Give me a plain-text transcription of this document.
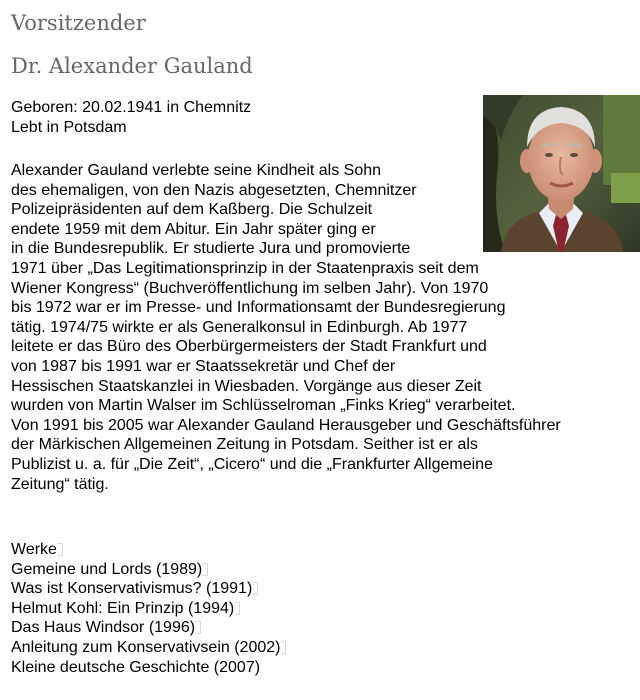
Vorsitzender
Dr. Alexander Gauland
Geboren: 20.02.1941 in Chemnitz
Lebt in Potsdam
Alexander Gauland verlebte seine Kindheit als Sohn
des ehemaligen, von den Nazis abgesetzten, Chemnitzer
Polizeipräsidenten auf dem Kaßberg. Die Schulzeit
endete 1959 mit dem Abitur. Ein Jahr später ging er
in die Bundesrepublik. Er studierte Jura und promovierte
1971 über „Das Legitimationsprinzip in der Staatenpraxis seit dem
Wiener Kongress“ (Buchveröffentlichung im selben Jahr). Von 1970
bis 1972 war er im Presse- und Informationsamt der Bundesregierung
tätig. 1974/75 wirkte er als Generalkonsul in Edinburgh. Ab 1977
leitete er das Büro des Oberbürgermeisters der Stadt Frankfurt und
von 1987 bis 1991 war er Staatssekretär und Chef der
Hessischen Staatskanzlei in Wiesbaden. Vorgänge aus dieser Zeit
wurden von Martin Walser im Schlüsselroman „Finks Krieg“ verarbeitet.
Von 1991 bis 2005 war Alexander Gauland Herausgeber und Geschäftsführer
der Märkischen Allgemeinen Zeitung in Potsdam. Seither ist er als
Publizist u. a. für „Die Zeit“, „Cicero“ und die „Frankfurter Allgemeine
Zeitung“ tätig.
Werke
Gemeine und Lords (1989)
Was ist Konservativismus? (1991)
Helmut Kohl: Ein Prinzip (1994)
Das Haus Windsor (1996)
Anleitung zum Konservativsein (2002)
Kleine deutsche Geschichte (2007)
